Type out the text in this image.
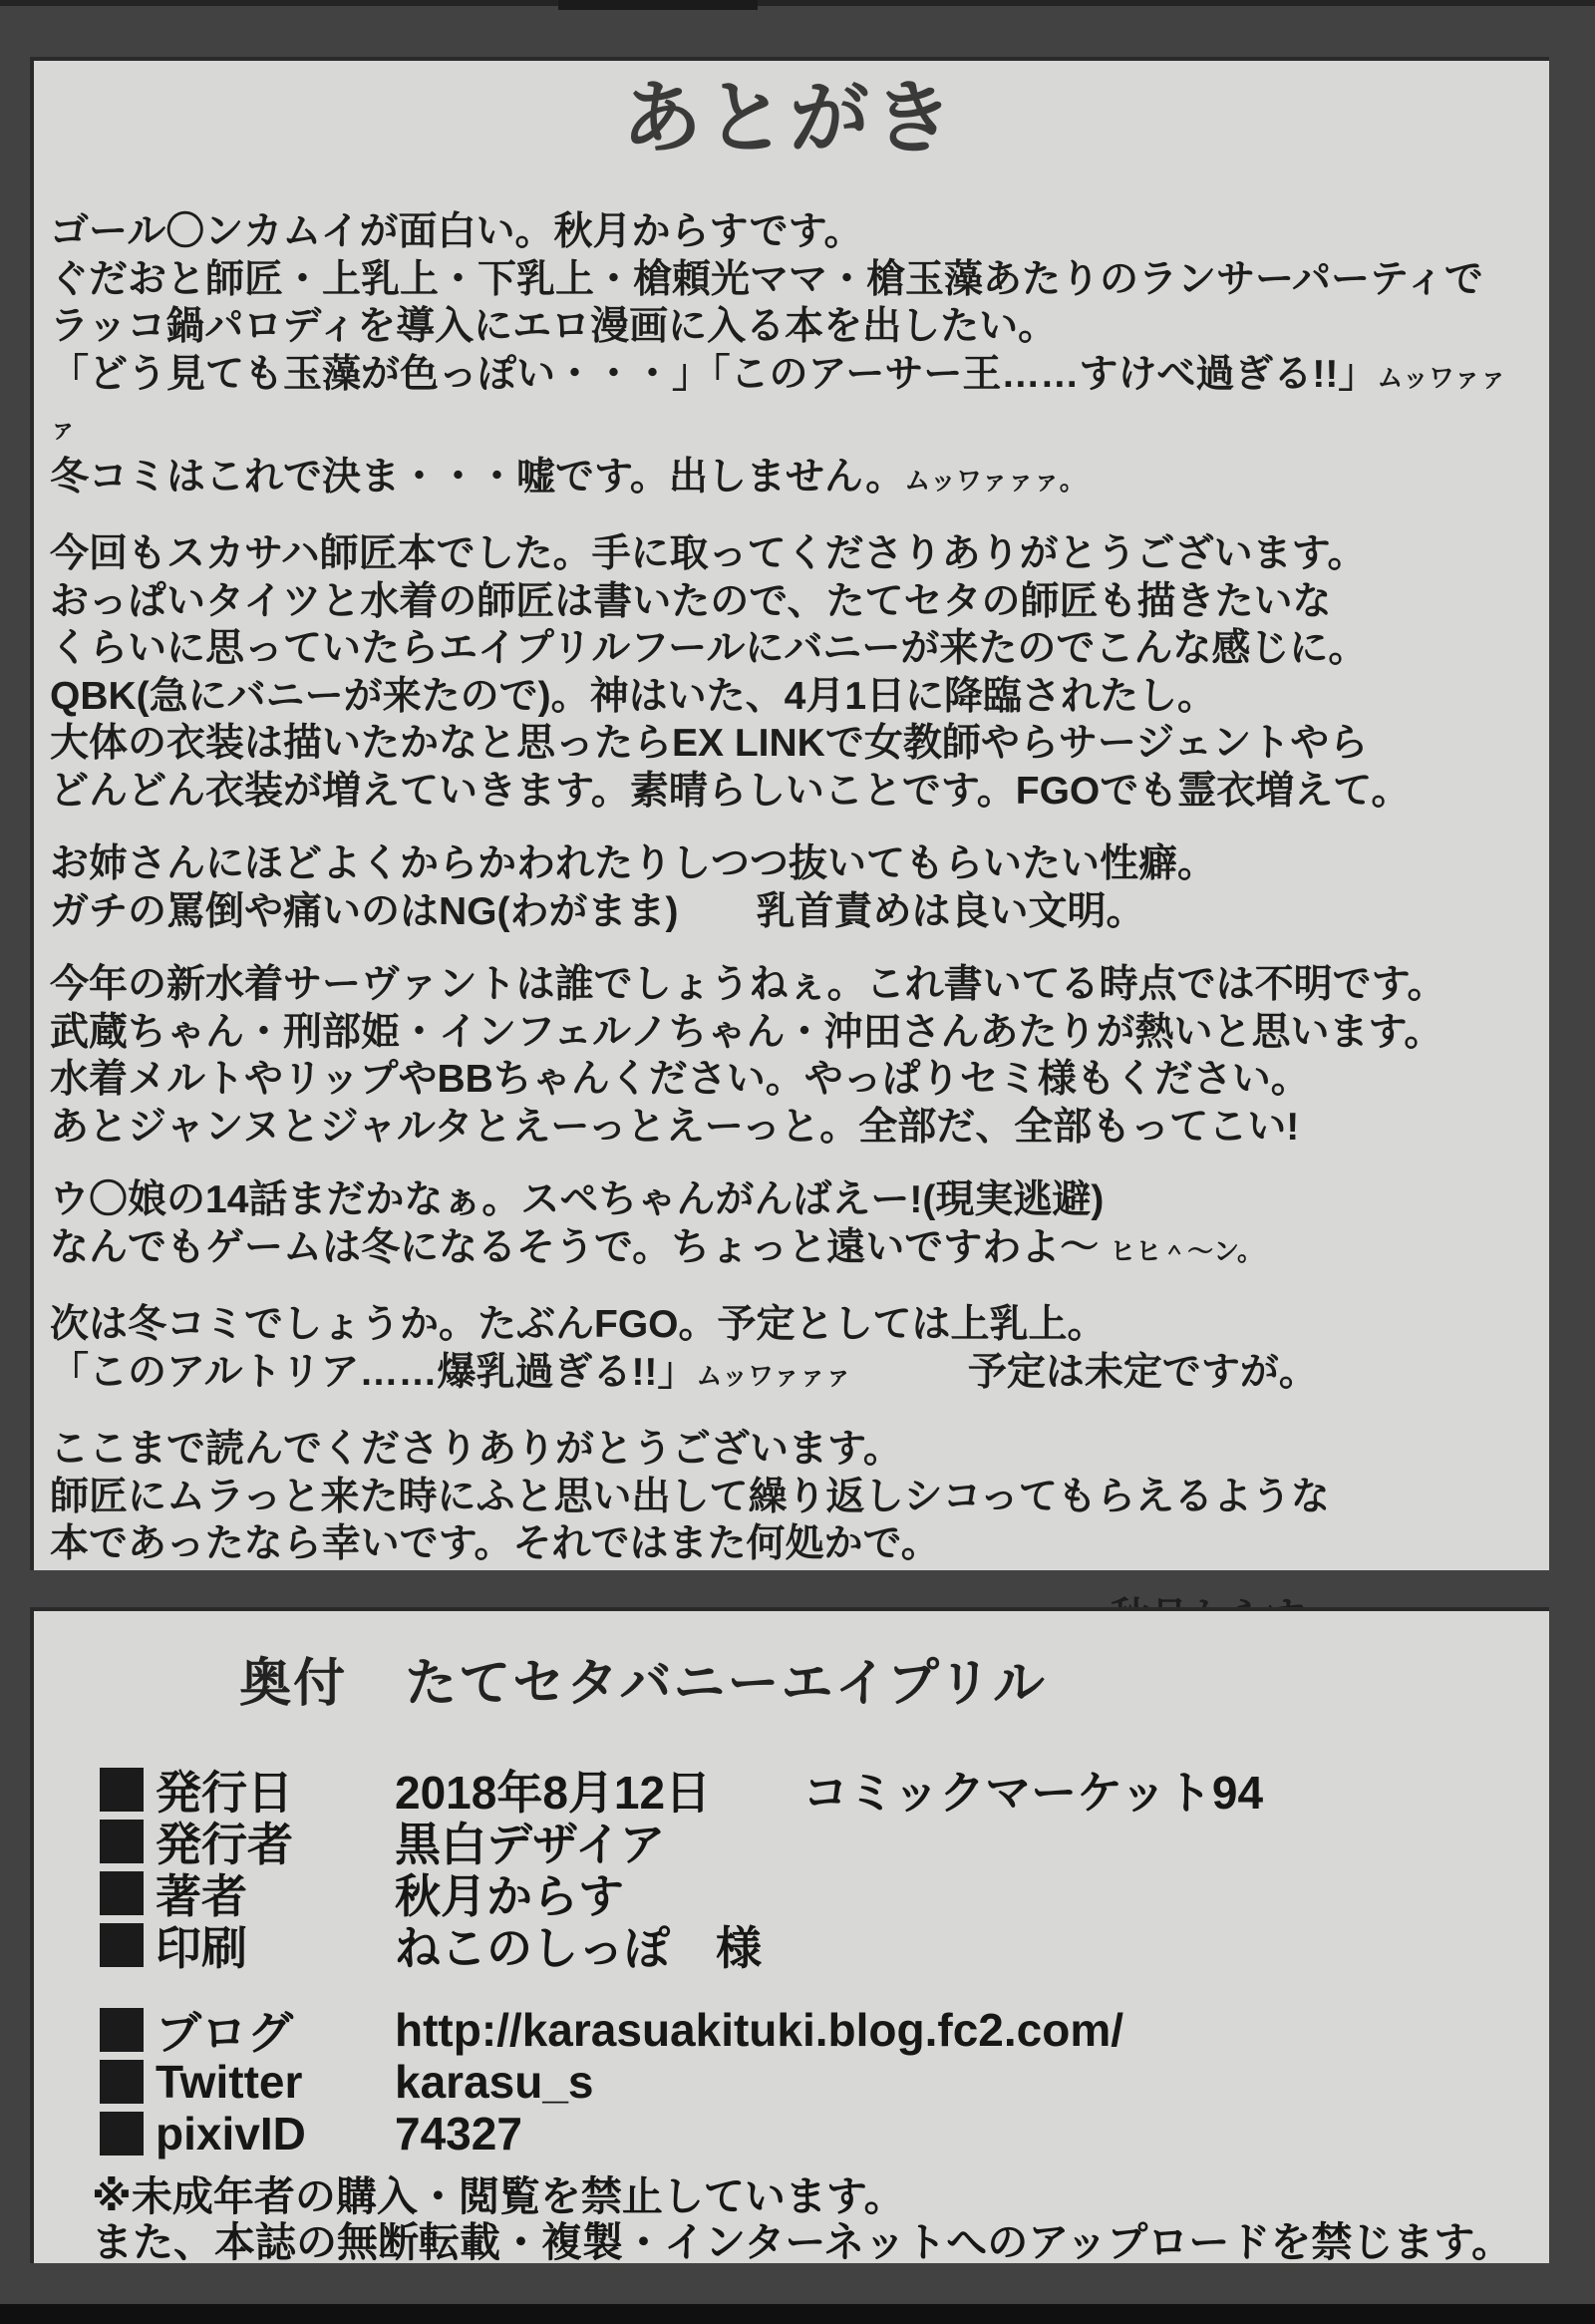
あとがき
ゴール〇ンカムイが面白い。秋月からすです。
ぐだおと師匠・上乳上・下乳上・槍頼光ママ・槍玉藻あたりのランサーパーティで
ラッコ鍋パロディを導入にエロ漫画に入る本を出したい。
「どう見ても玉藻が色っぽい・・・」「このアーサー王……すけべ過ぎる!!」ムッワァァァ
冬コミはこれで決ま・・・嘘です。出しません。ムッワァァァ。
今回もスカサハ師匠本でした。手に取ってくださりありがとうございます。
おっぱいタイツと水着の師匠は書いたので、たてセタの師匠も描きたいな
くらいに思っていたらエイプリルフールにバニーが来たのでこんな感じに。
QBK(急にバニーが来たので)。神はいた、4月1日に降臨されたし。
大体の衣装は描いたかなと思ったらEX LINKで女教師やらサージェントやら
どんどん衣装が増えていきます。素晴らしいことです。FGOでも霊衣増えて。
お姉さんにほどよくからかわれたりしつつ抜いてもらいたい性癖。
ガチの罵倒や痛いのはNG(わがまま)　　乳首責めは良い文明。
今年の新水着サーヴァントは誰でしょうねぇ。これ書いてる時点では不明です。
武蔵ちゃん・刑部姫・インフェルノちゃん・沖田さんあたりが熱いと思います。
水着メルトやリップやBBちゃんください。やっぱりセミ様もください。
あとジャンヌとジャルタとえーっとえーっと。全部だ、全部もってこい!
ウ〇娘の14話まだかなぁ。スペちゃんがんばえー!(現実逃避)
なんでもゲームは冬になるそうで。ちょっと遠いですわよ～ ヒヒ＾～ン。
次は冬コミでしょうか。たぶんFGO。予定としては上乳上。
「このアルトリア……爆乳過ぎる!!」ムッワァァァ　　　予定は未定ですが。
ここまで読んでくださりありがとうございます。
師匠にムラっと来た時にふと思い出して繰り返しシコってもらえるような
本であったなら幸いです。それではまた何処かで。
奥付 たてセタバニーエイプリル
発行日	2018年8月12日　　コミックマーケット94
発行者	黒白デザイア
著者	秋月からす
印刷	ねこのしっぽ　様
ブログ	http://karasuakituki.blog.fc2.com/
Twitter	karasu_s
pixivID	74327
※未成年者の購入・閲覧を禁止しています。
また、本誌の無断転載・複製・インターネットへのアップロードを禁じます。
